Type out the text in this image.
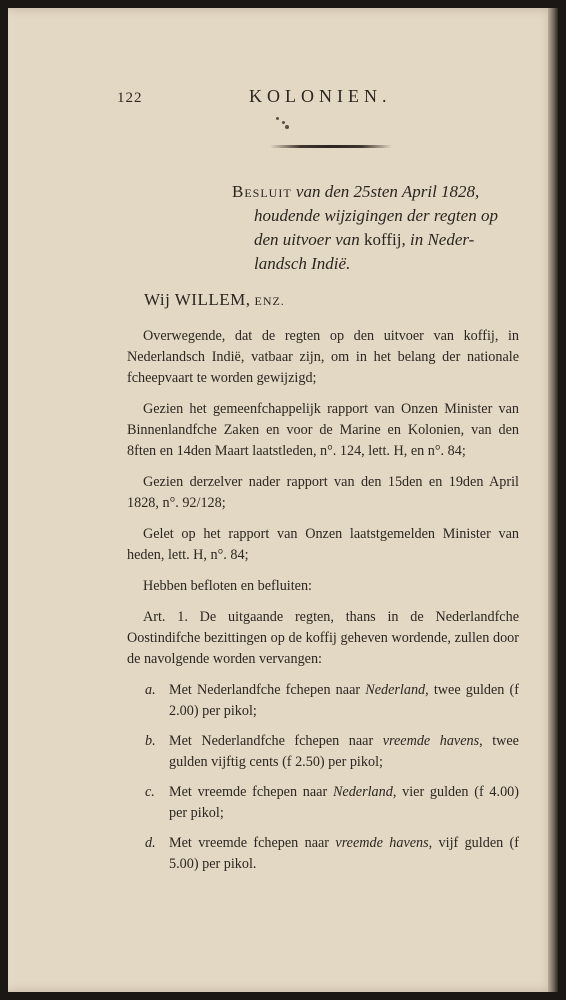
122	KOLONIEN.
Besluit van den 25sten April 1828,
houdende wijzigingen der regten op
den uitvoer van koffij, in Neder-
landsch Indië.
Wij WILLEM, ENZ.

Overwegende, dat de regten op den uitvoer van koffij, in Nederlandsch Indië, vatbaar zijn, om in het belang der nationale fcheepvaart te worden gewijzigd;

Gezien het gemeenfchappelijk rapport van Onzen Minister van Binnenlandfche Zaken en voor de Marine en Kolonien, van den 8ften en 14den Maart laatstleden, n°. 124, lett. H, en n°. 84;

Gezien derzelver nader rapport van den 15den en 19den April 1828, n°. 92/128;

Gelet op het rapport van Onzen laatstgemelden Minister van heden, lett. H, n°. 84;

Hebben befloten en befluiten:

Art. 1. De uitgaande regten, thans in de Nederlandfche Oostindifche bezittingen op de koffij geheven wordende, zullen door de navolgende worden vervangen:

a. Met Nederlandfche fchepen naar Nederland, twee gulden (f 2.00) per pikol;
b. Met Nederlandfche fchepen naar vreemde havens, twee gulden vijftig cents (f 2.50) per pikol;
c. Met vreemde fchepen naar Nederland, vier gulden (f 4.00) per pikol;
d. Met vreemde fchepen naar vreemde havens, vijf gulden (f 5.00) per pikol.
